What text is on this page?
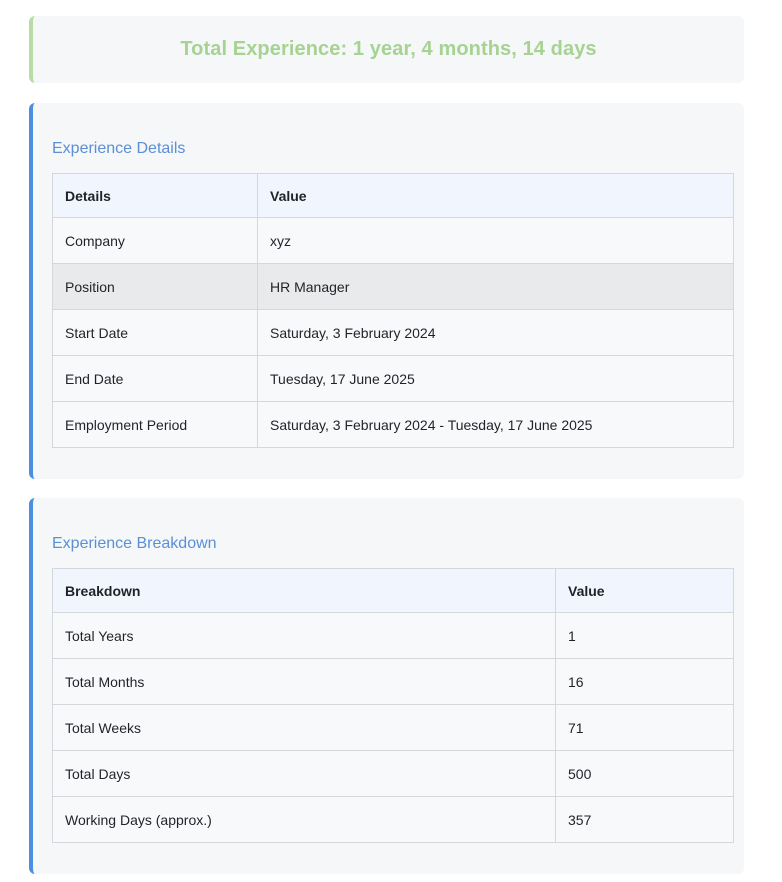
Total Experience: 1 year, 4 months, 14 days
Experience Details
Details	Value
Company	xyz
Position	HR Manager
Start Date	Saturday, 3 February 2024
End Date	Tuesday, 17 June 2025
Employment Period	Saturday, 3 February 2024 - Tuesday, 17 June 2025
Experience Breakdown
Breakdown	Value
Total Years	1
Total Months	16
Total Weeks	71
Total Days	500
Working Days (approx.)	357
